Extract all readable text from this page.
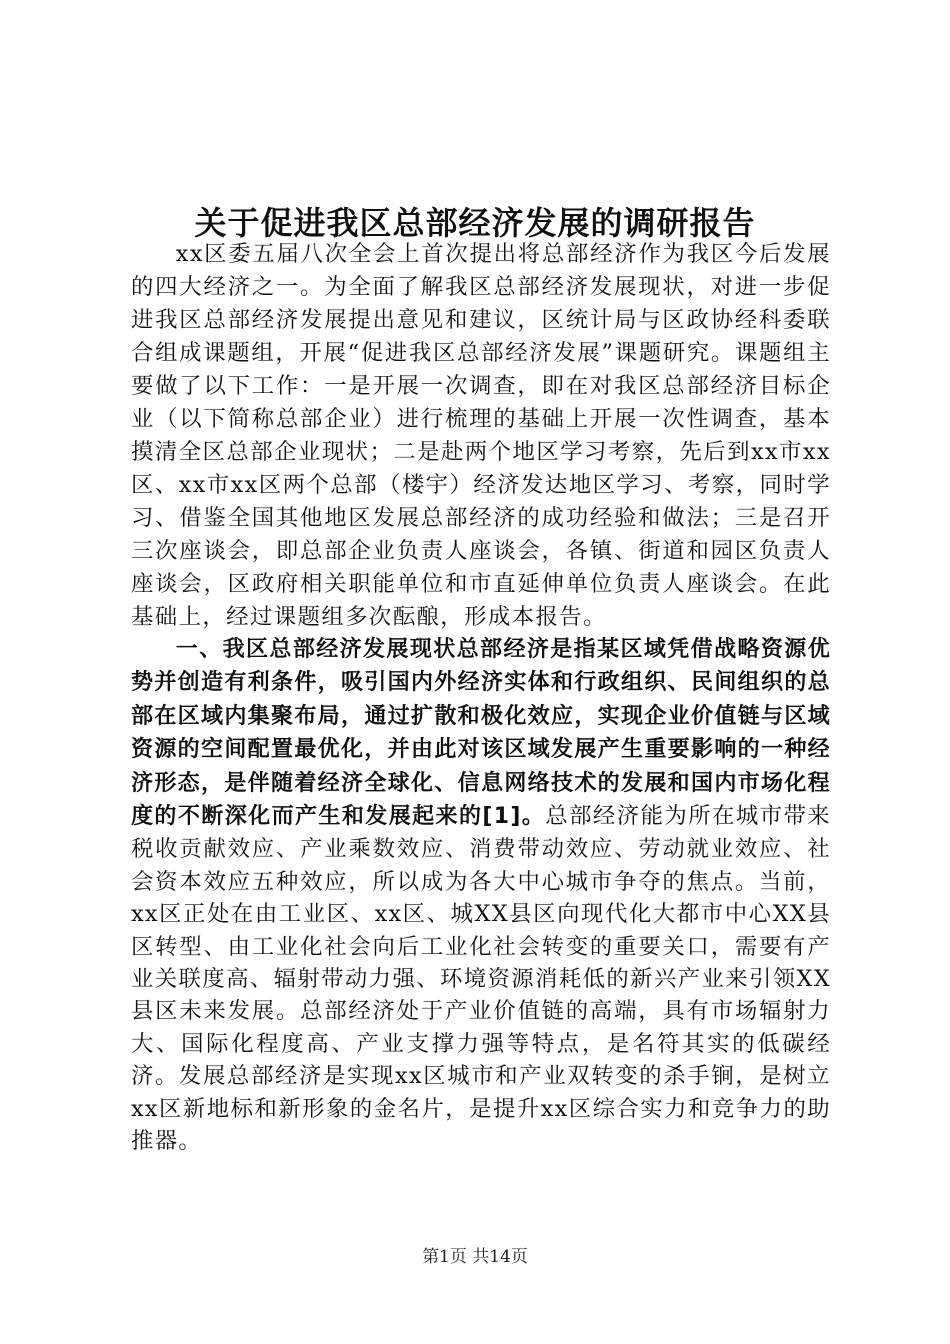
关于促进我区总部经济发展的调研报告

xx区委五届八次全会上首次提出将总部经济作为我区今后发展的四大经济之一。为全面了解我区总部经济发展现状，对进一步促进我区总部经济发展提出意见和建议，区统计局与区政协经科委联合组成课题组，开展“促进我区总部经济发展”课题研究。课题组主要做了以下工作：一是开展一次调查，即在对我区总部经济目标企业（以下简称总部企业）进行梳理的基础上开展一次性调查，基本摸清全区总部企业现状；二是赴两个地区学习考察，先后到xx市xx区、xx市xx区两个总部（楼宇）经济发达地区学习、考察，同时学习、借鉴全国其他地区发展总部经济的成功经验和做法；三是召开三次座谈会，即总部企业负责人座谈会，各镇、街道和园区负责人座谈会，区政府相关职能单位和市直延伸单位负责人座谈会。在此基础上，经过课题组多次酝酿，形成本报告。

一、我区总部经济发展现状总部经济是指某区域凭借战略资源优势并创造有利条件，吸引国内外经济实体和行政组织、民间组织的总部在区域内集聚布局，通过扩散和极化效应，实现企业价值链与区域资源的空间配置最优化，并由此对该区域发展产生重要影响的一种经济形态，是伴随着经济全球化、信息网络技术的发展和国内市场化程度的不断深化而产生和发展起来的[1]。总部经济能为所在城市带来税收贡献效应、产业乘数效应、消费带动效应、劳动就业效应、社会资本效应五种效应，所以成为各大中心城市争夺的焦点。当前，xx区正处在由工业区、xx区、城XX县区向现代化大都市中心XX县区转型、由工业化社会向后工业化社会转变的重要关口，需要有产业关联度高、辐射带动力强、环境资源消耗低的新兴产业来引领XX县区未来发展。总部经济处于产业价值链的高端，具有市场辐射力大、国际化程度高、产业支撑力强等特点，是名符其实的低碳经济。发展总部经济是实现xx区城市和产业双转变的杀手锏，是树立xx区新地标和新形象的金名片，是提升xx区综合实力和竞争力的助推器。

第1页 共14页
